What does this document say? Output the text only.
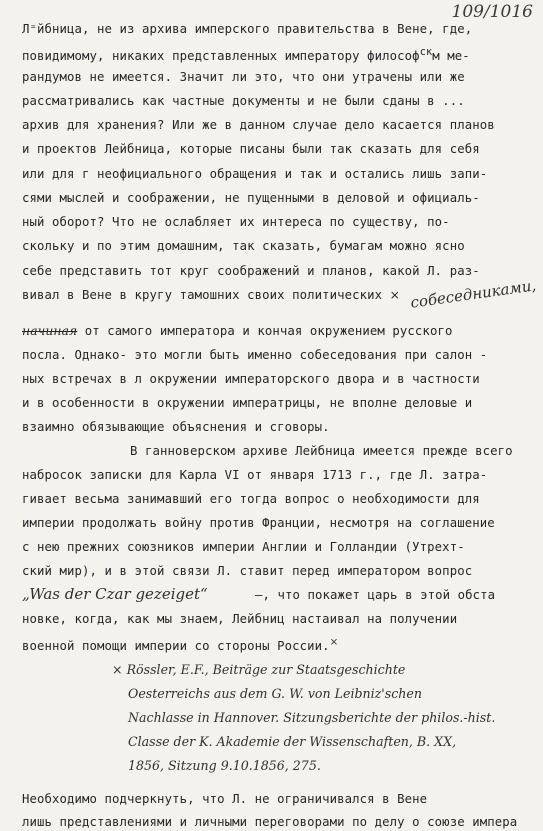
109/1016
Л⁼йбница, не из архива имперского правительства в Вене, где,
повидимому, никаких представленных императору философ$^{ск}$м ме-
рандумов не имеется. Значит ли это, что они утрачены или же
рассматривались как частные документы и не были сданы в ...
архив для хранения? Или же в данном случае дело касается планов
и проектов Лейбница, которые писаны были так сказать для себя
или для г неофициального обращения и так и остались лишь запи-
сями мыслей и соображении, не пущенными в деловой и официаль-
ный оборот? Что не ослабляет их интереса по существу, по-
скольку и по этим домашним, так сказать, бумагам можно ясно
себе представить тот круг соображений и планов, какой Л. раз-
вивал в Вене в кругу тамошних своих политических × собеседниками,
начиная от самого императора и кончая окружением русского
посла. Однако- это могли быть именно собеседования при салон -
ных встречах в л окружении императорского двора и в частности
и в особенности в окружении императрицы, не вполне деловые и
взаимно обязывающие объяснения и сговоры.
В ганноверском архиве Лейбница имеется прежде всего
набросок записки для Карла VI от января 1713 г., где Л. затра-
гивает весьма занимавший его тогда вопрос о необходимости для
империи продолжать войну против Франции, несмотря на соглашение
с нею прежних союзников империи Англии и Голландии (Утрехт-
ский мир), и в этой связи Л. ставит перед императором вопрос
„Was der Czar gezeiget“	—, что покажет царь в этой обста
новке, когда, как мы знаем, Лейбниц настаивал на получении
военной помощи империи со стороны России.×
× Rössler, E.F., Beiträge zur Staatsgeschichte
Oesterreichs aus dem G. W. von Leibniz'schen
Nachlasse in Hannover. Sitzungsberichte der philos.-hist.
Classe der K. Akademie der Wissenschaften, B. XX,
1856, Sitzung 9.10.1856, 275.
Необходимо подчеркнуть, что Л. не ограничивался в Вене
лишь представлениями и личными переговорами по делу о союзе импера
